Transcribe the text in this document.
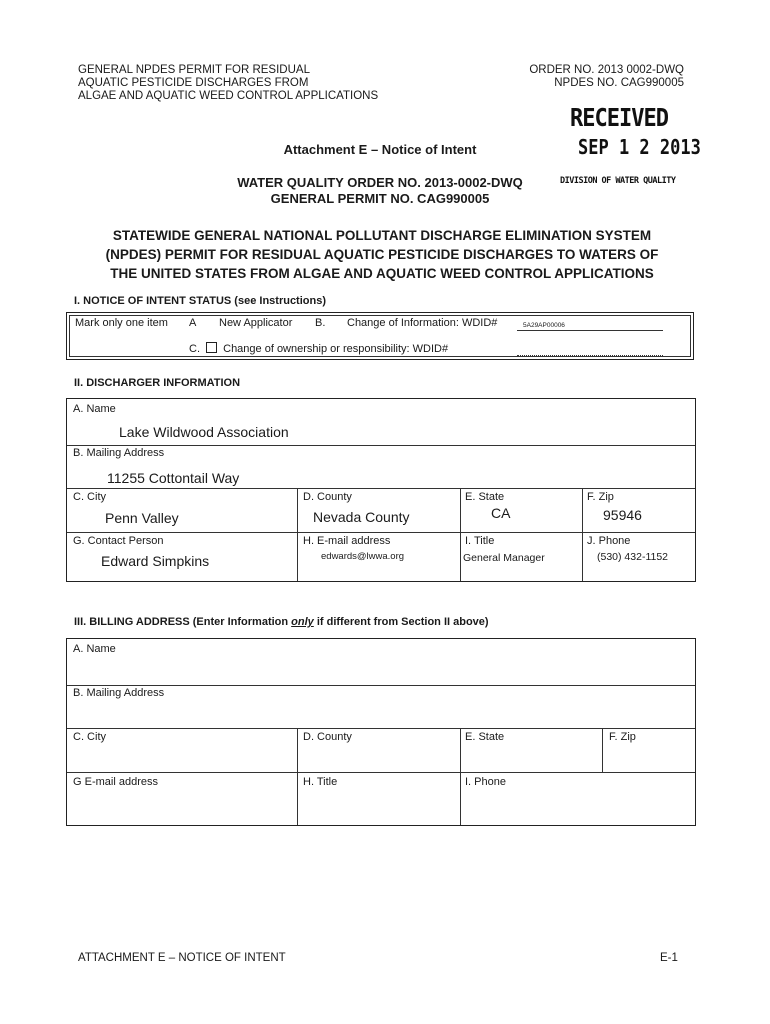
GENERAL NPDES PERMIT FOR RESIDUAL
AQUATIC PESTICIDE DISCHARGES FROM
ALGAE AND AQUATIC WEED CONTROL APPLICATIONS
ORDER NO. 2013 0002-DWQ
NPDES NO. CAG990005
RECEIVED
SEP 1 2 2013
DIVISION OF WATER QUALITY
Attachment E – Notice of Intent
WATER QUALITY ORDER NO. 2013-0002-DWQ
GENERAL PERMIT NO. CAG990005
STATEWIDE GENERAL NATIONAL POLLUTANT DISCHARGE ELIMINATION SYSTEM
(NPDES) PERMIT FOR RESIDUAL AQUATIC PESTICIDE DISCHARGES TO WATERS OF
THE UNITED STATES FROM ALGAE AND AQUATIC WEED CONTROL APPLICATIONS
I. NOTICE OF INTENT STATUS (see Instructions)
Mark only one item A New Applicator B. Change of Information: WDID#	5A29AP00006
C. Change of ownership or responsibility: WDID#
II. DISCHARGER INFORMATION
A. Name
Lake Wildwood Association
B. Mailing Address
11255 Cottontail Way
C. City
Penn Valley
D. County
Nevada County
E. State
CA
F. Zip
95946
G. Contact Person
Edward Simpkins
H. E-mail address
edwards@lwwa.org
I. Title
General Manager
J. Phone
(530) 432-1152
III. BILLING ADDRESS (Enter Information only if different from Section II above)
A. Name
B. Mailing Address
C. City	D. County	E. State	F. Zip
G E-mail address	H. Title	I. Phone
ATTACHMENT E – NOTICE OF INTENT	E-1
